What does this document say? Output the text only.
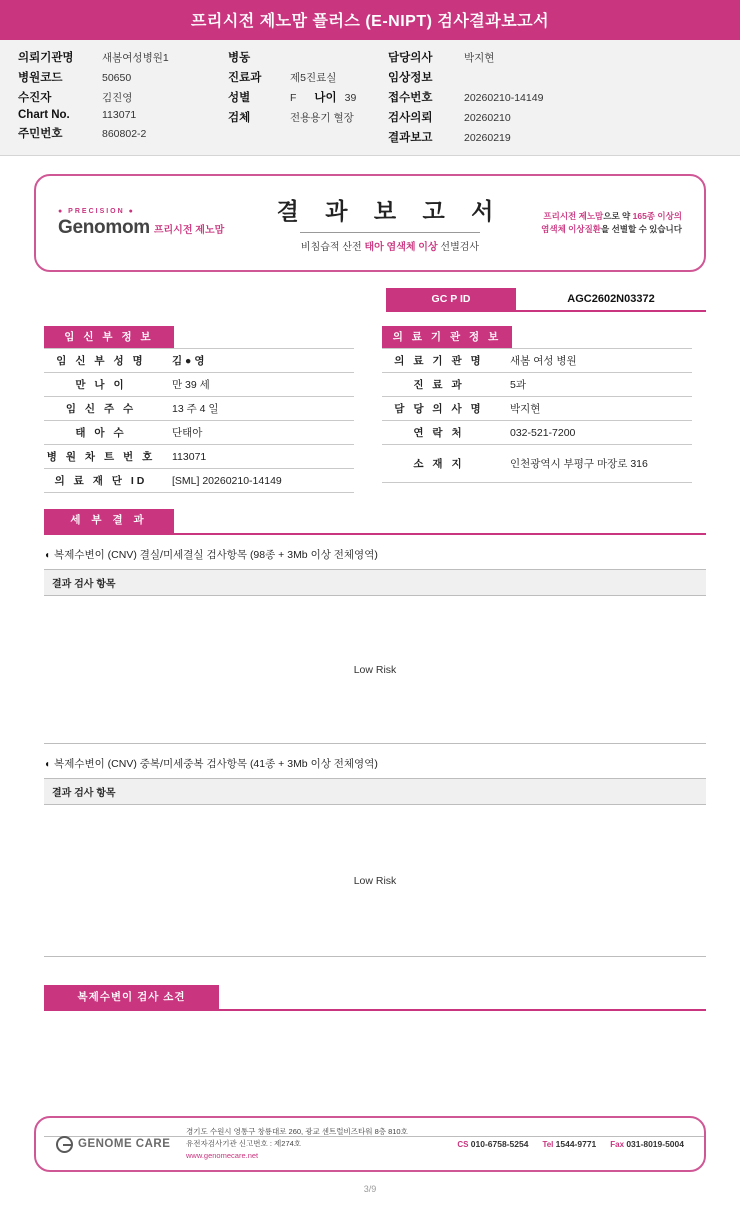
프리시전 제노맘 플러스 (E-NIPT) 검사결과보고서
의뢰기관명	새봄여성병원1
병원코드	50650
수진자	김진영
Chart No.	113071
주민번호	860802-2
병동
진료과	제5진료실
성별	F 나이 39
검체	전용용기 혈장
담당의사	박지현
임상정보
접수번호	20260210-14149
검사의뢰	20260210
결과보고	20260219
● PRECISION ●
Genomom 프리시전 제노맘
결 과 보 고 서
비침습적 산전 태아 염색체 이상 선별검사
프리시전 제노맘으로 약 165종 이상의
염색체 이상질환을 선별할 수 있습니다
GC P ID	AGC2602N03372
임 신 부 정 보
임 신 부 성 명	김 ● 영
만 나 이	만 39 세
임 신 주 수	13 주 4 일
태 아 수	단태아
병 원 차 트 번 호	113071
의 료 재 단 ID	[SML] 20260210-14149
의 료 기 관 정 보
의 료 기 관 명	새봄 여성 병원
진 료 과	5과
담 당 의 사 명	박지현
연 락 처	032-521-7200
소 재 지	인천광역시 부평구 마장로 316
세 부 결 과
◖ 복제수변이 (CNV) 결실/미세결실 검사항목 (98종 + 3Mb 이상 전체영역)
결과 검사 항목
Low Risk
◖ 복제수변이 (CNV) 중복/미세중복 검사항목 (41종 + 3Mb 이상 전체영역)
결과 검사 항목
Low Risk
복제수변이 검사 소견
GENOME CARE
경기도 수원시 영통구 창룡대로 260, 광교 센트럴비즈타워 8층 810호
유전자검사기관 신고번호 : 제274호
www.genomecare.net
CS 010-6758-5254 Tel 1544-9771 Fax 031-8019-5004
3/9
